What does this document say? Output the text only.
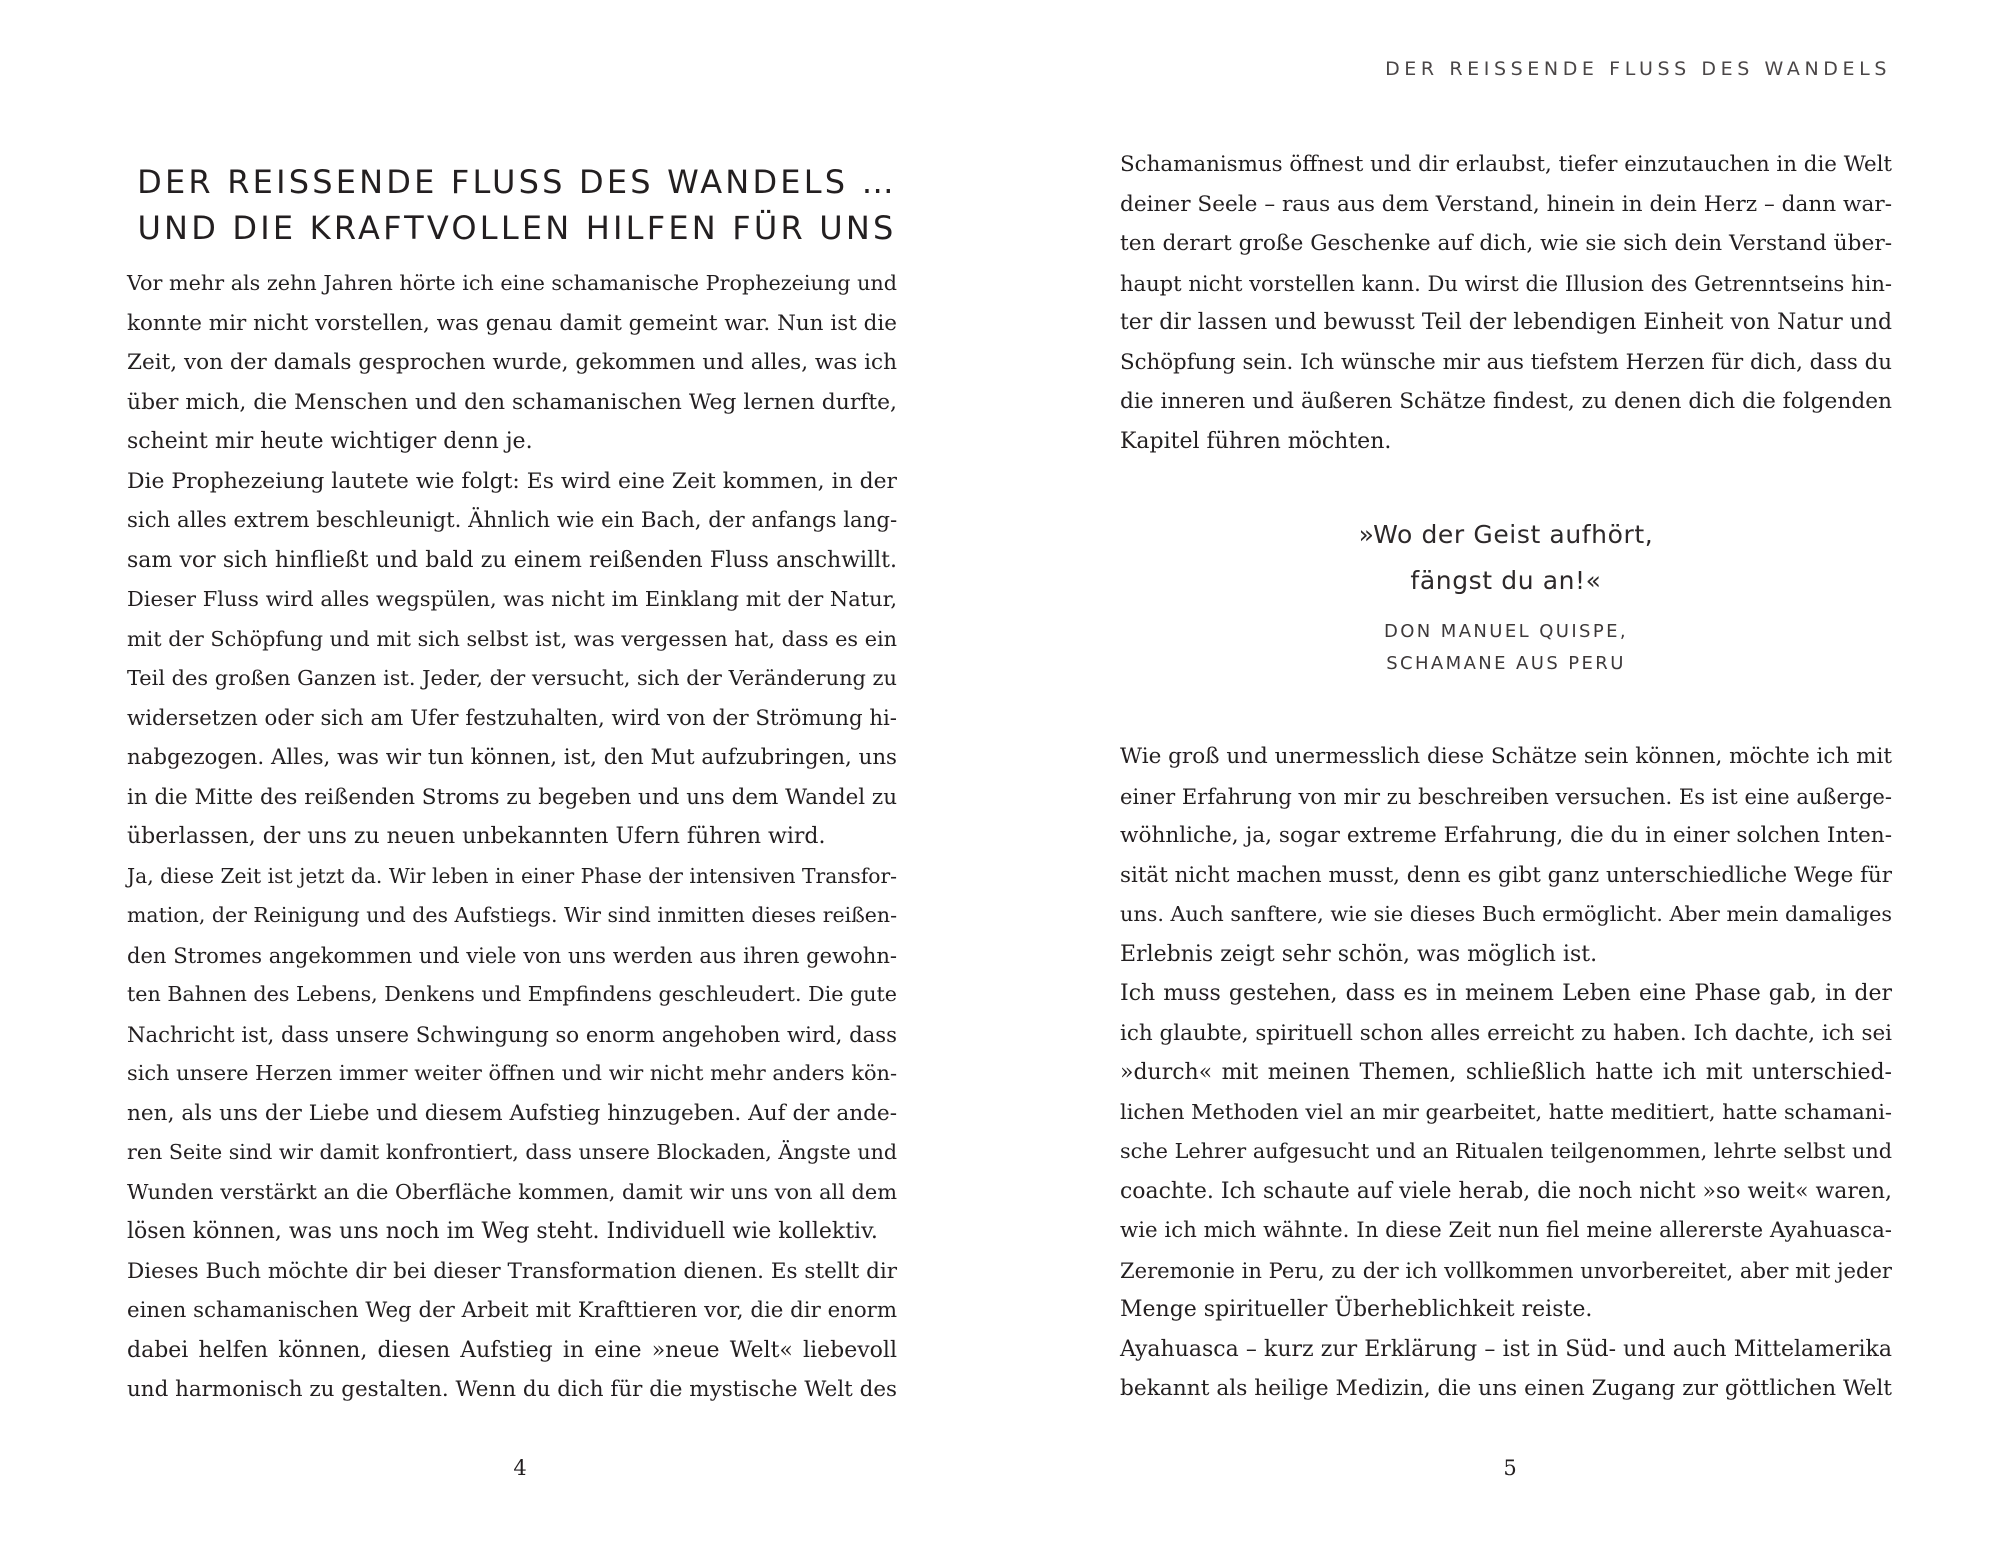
DER REISSENDE FLUSS DES WANDELS …
UND DIE KRAFTVOLLEN HILFEN FÜR UNS
Vor mehr als zehn Jahren hörte ich eine schamanische Prophezeiung und
konnte mir nicht vorstellen, was genau damit gemeint war. Nun ist die
Zeit, von der damals gesprochen wurde, gekommen und alles, was ich
über mich, die Menschen und den schamanischen Weg lernen durfte,
scheint mir heute wichtiger denn je.
Die Prophezeiung lautete wie folgt: Es wird eine Zeit kommen, in der
sich alles extrem beschleunigt. Ähnlich wie ein Bach, der anfangs lang-
sam vor sich hinfließt und bald zu einem reißenden Fluss anschwillt.
Dieser Fluss wird alles wegspülen, was nicht im Einklang mit der Natur,
mit der Schöpfung und mit sich selbst ist, was vergessen hat, dass es ein
Teil des großen Ganzen ist. Jeder, der versucht, sich der Veränderung zu
widersetzen oder sich am Ufer festzuhalten, wird von der Strömung hi-
nabgezogen. Alles, was wir tun können, ist, den Mut aufzubringen, uns
in die Mitte des reißenden Stroms zu begeben und uns dem Wandel zu
überlassen, der uns zu neuen unbekannten Ufern führen wird.
Ja, diese Zeit ist jetzt da. Wir leben in einer Phase der intensiven Transfor-
mation, der Reinigung und des Aufstiegs. Wir sind inmitten dieses reißen-
den Stromes angekommen und viele von uns werden aus ihren gewohn-
ten Bahnen des Lebens, Denkens und Empfindens geschleudert. Die gute
Nachricht ist, dass unsere Schwingung so enorm angehoben wird, dass
sich unsere Herzen immer weiter öffnen und wir nicht mehr anders kön-
nen, als uns der Liebe und diesem Aufstieg hinzugeben. Auf der ande-
ren Seite sind wir damit konfrontiert, dass unsere Blockaden, Ängste und
Wunden verstärkt an die Oberfläche kommen, damit wir uns von all dem
lösen können, was uns noch im Weg steht. Individuell wie kollektiv.
Dieses Buch möchte dir bei dieser Transformation dienen. Es stellt dir
einen schamanischen Weg der Arbeit mit Krafttieren vor, die dir enorm
dabei helfen können, diesen Aufstieg in eine »neue Welt« liebevoll
und harmonisch zu gestalten. Wenn du dich für die mystische Welt des
4
DER REISSENDE FLUSS DES WANDELS
Schamanismus öffnest und dir erlaubst, tiefer einzutauchen in die Welt
deiner Seele – raus aus dem Verstand, hinein in dein Herz – dann war-
ten derart große Geschenke auf dich, wie sie sich dein Verstand über-
haupt nicht vorstellen kann. Du wirst die Illusion des Getrenntseins hin-
ter dir lassen und bewusst Teil der lebendigen Einheit von Natur und
Schöpfung sein. Ich wünsche mir aus tiefstem Herzen für dich, dass du
die inneren und äußeren Schätze findest, zu denen dich die folgenden
Kapitel führen möchten.
»Wo der Geist aufhört,
fängst du an!«
DON MANUEL QUISPE,
SCHAMANE AUS PERU
Wie groß und unermesslich diese Schätze sein können, möchte ich mit
einer Erfahrung von mir zu beschreiben versuchen. Es ist eine außerge-
wöhnliche, ja, sogar extreme Erfahrung, die du in einer solchen Inten-
sität nicht machen musst, denn es gibt ganz unterschiedliche Wege für
uns. Auch sanftere, wie sie dieses Buch ermöglicht. Aber mein damaliges
Erlebnis zeigt sehr schön, was möglich ist.
Ich muss gestehen, dass es in meinem Leben eine Phase gab, in der
ich glaubte, spirituell schon alles erreicht zu haben. Ich dachte, ich sei
»durch« mit meinen Themen, schließlich hatte ich mit unterschied-
lichen Methoden viel an mir gearbeitet, hatte meditiert, hatte schamani-
sche Lehrer aufgesucht und an Ritualen teilgenommen, lehrte selbst und
coachte. Ich schaute auf viele herab, die noch nicht »so weit« waren,
wie ich mich wähnte. In diese Zeit nun fiel meine allererste Ayahuasca-
Zeremonie in Peru, zu der ich vollkommen unvorbereitet, aber mit jeder
Menge spiritueller Überheblichkeit reiste.
Ayahuasca – kurz zur Erklärung – ist in Süd- und auch Mittelamerika
bekannt als heilige Medizin, die uns einen Zugang zur göttlichen Welt
5
